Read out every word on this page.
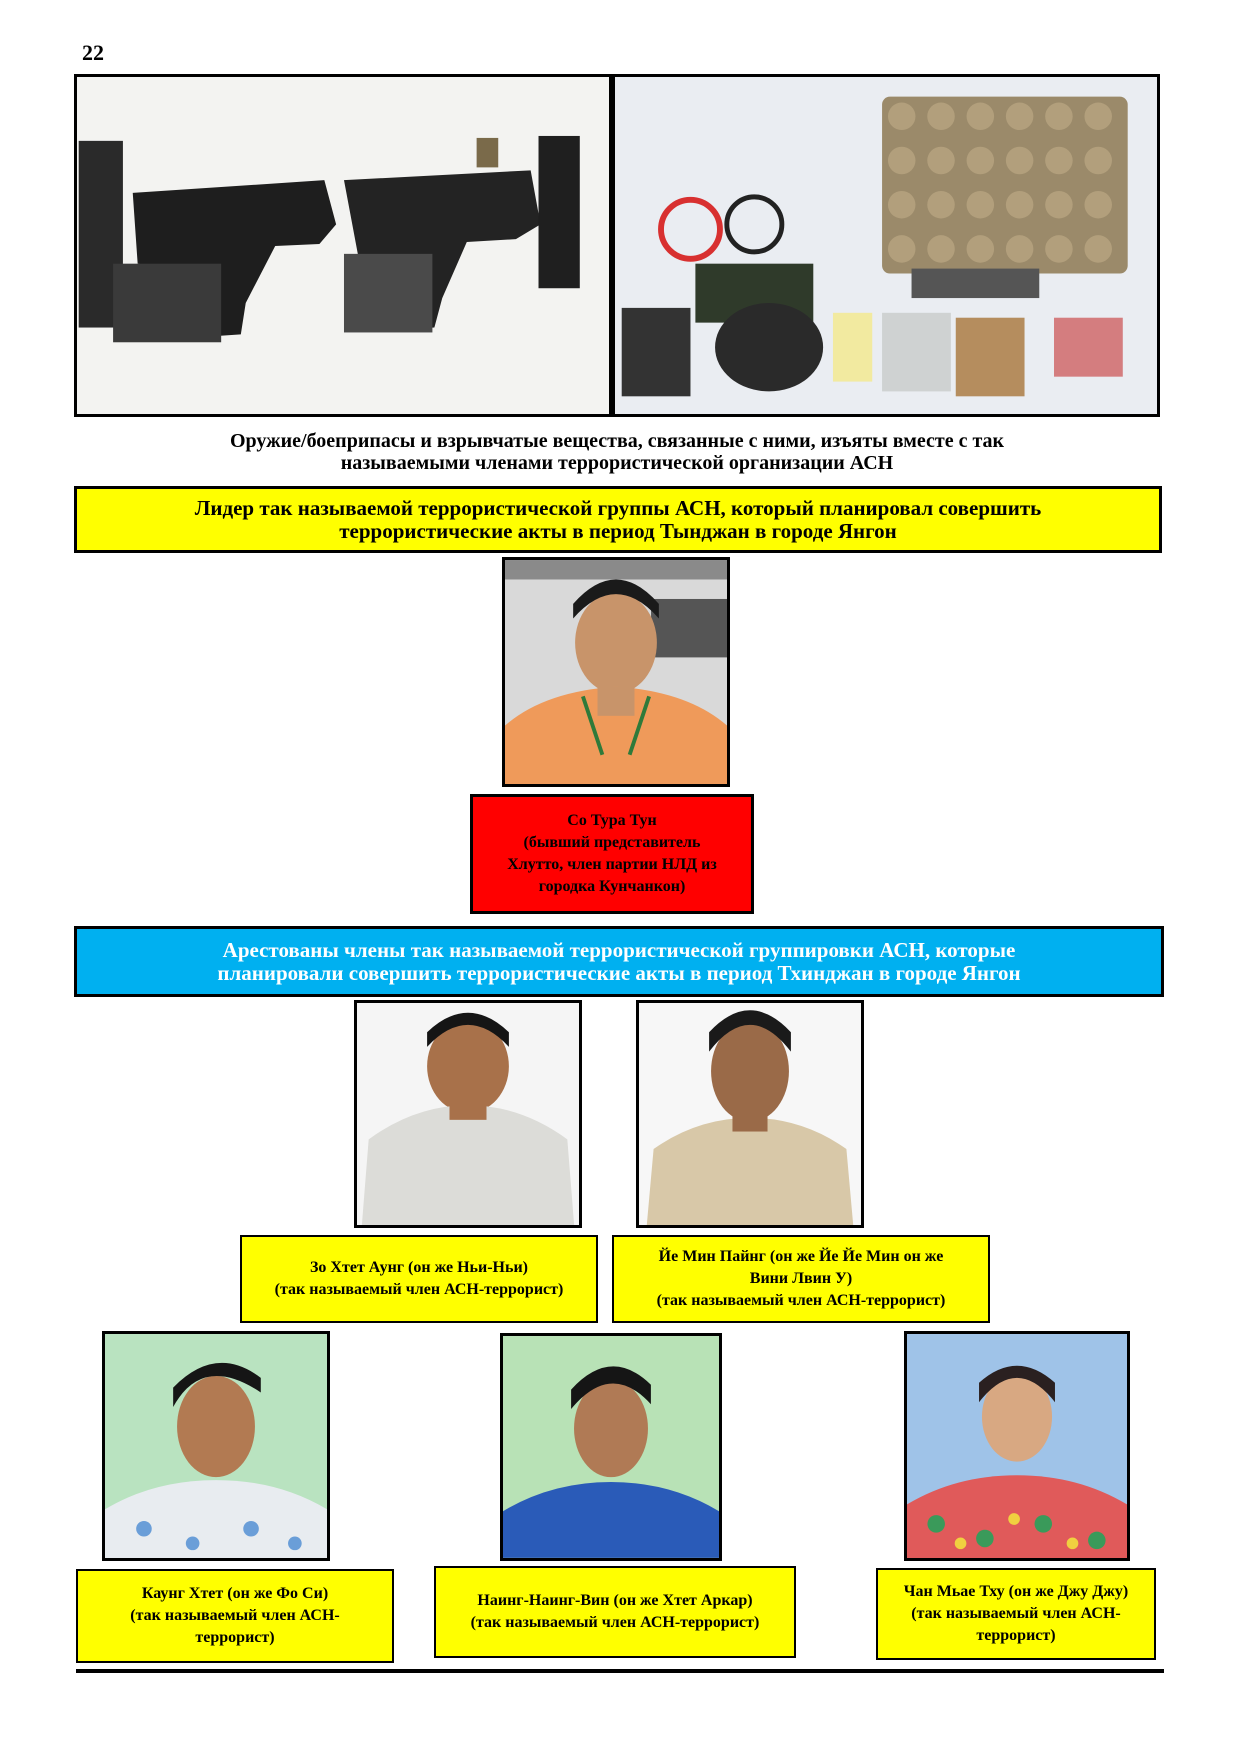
22
Оружие/боеприпасы и взрывчатые вещества, связанные с ними, изъяты вместе с так
называемыми членами террористической организации АСН
Лидер так называемой террористической группы АСН, который планировал совершить
террористические акты в период Тынджан в городе Янгон
Со Тура Тун
(бывший представитель
Хлутто, член партии НЛД из
городка Кунчанкон)
Арестованы члены так называемой террористической группировки АСН, которые
планировали совершить террористические акты в период Тхинджан в городе Янгон
Зо Хтет Аунг (он же Ньи-Ньи)
(так называемый член АСН-террорист)
Йе Мин Пайнг (он же Йе Йе Мин он же
Вини Лвин У)
(так называемый член АСН-террорист)
Каунг Хтет (он же Фо Си)
(так называемый член АСН-
террорист)
Наинг-Наинг-Вин (он же Хтет Аркар)
(так называемый член АСН-террорист)
Чан Мьае Тху (он же Джу Джу)
(так называемый член АСН-
террорист)
